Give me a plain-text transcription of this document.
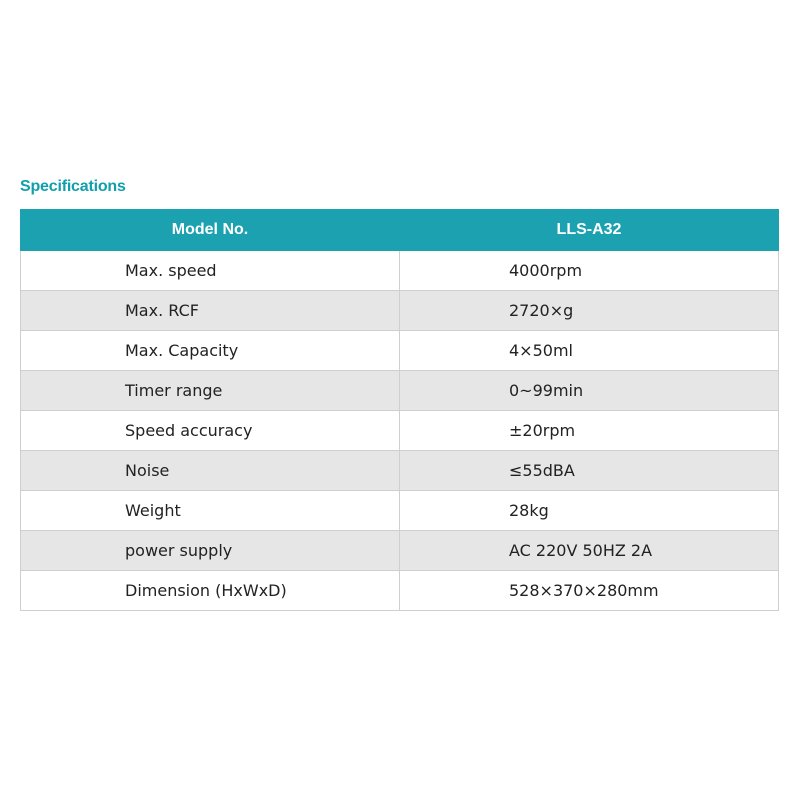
Specifications
Model No.	LLS-A32
Max. speed	4000rpm
Max. RCF	2720×g
Max. Capacity	4×50ml
Timer range	0~99min
Speed accuracy	±20rpm
Noise	≤55dBA
Weight	28kg
power supply	AC 220V 50HZ 2A
Dimension (HxWxD)	528×370×280mm
